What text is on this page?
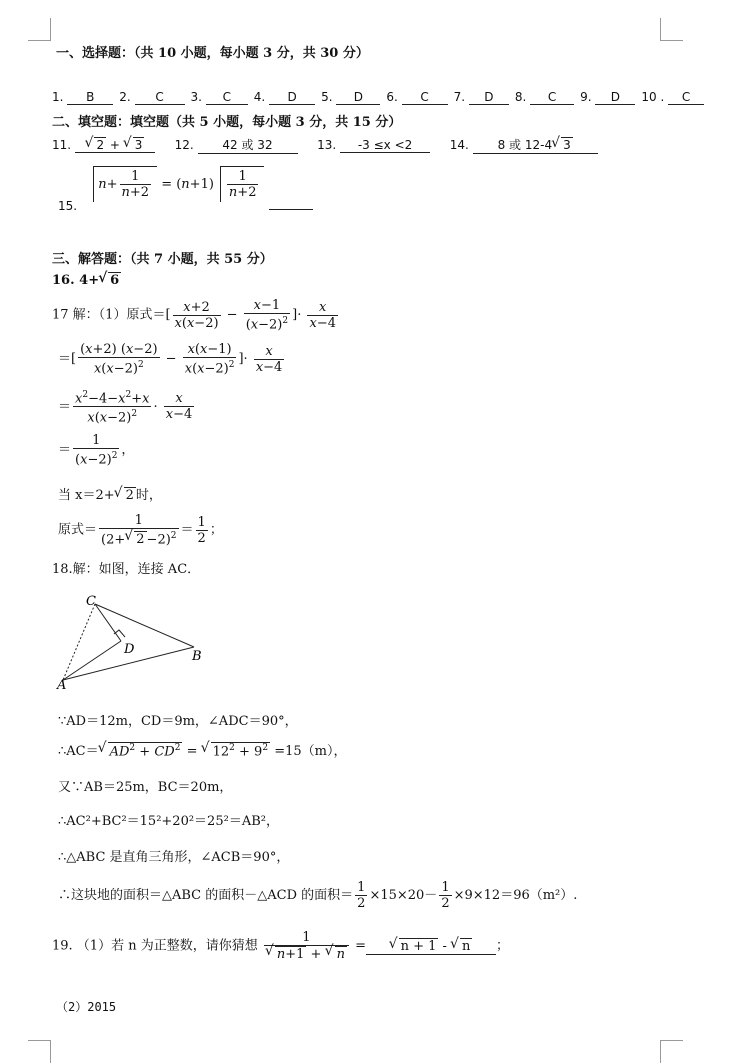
一、选择题：（共 10 小题，每小题 3 分，共 30 分）
1. B 2. C 3. C 4. D 5. D 6. C 7. D 8. C 9. D 10 . C
二、填空题：填空题（共 5 小题，每小题 3 分，共 15 分）
11. √ 2 + √ 3	12. 42 或 32	13. -3 ≤x <2	14. 8 或 12-4 √ 3
15. $n+ \frac{1}{n+2} = (n+1) \frac{1}{n+2}$

三、解答题：（共 7 小题，共 55 分）
16. 4+ √ 6
17 解：（1）原式＝[ $\frac{x+2}{x(x-2)} - \frac{x-1}{(x-2)^2}$ ]· $\frac{x}{x-4}$
＝[ $\frac{(x+2) (x-2)}{x(x-2)^2} - \frac{x(x-1)}{x(x-2)^2}$ ]· $\frac{x}{x-4}$
＝ $\frac{x^2-4-x^2+x}{x(x-2)^2} \cdot \frac{x}{x-4}$
＝ $\frac{1}{(x-2)^2}$ ，
当 x＝2+ √ 2 时，
原式＝ $\frac{1}{(2+ √ 2 -2)^2} = \frac{1}{2}$ ；
18.解：如图，连接 AC．
C
D	B
A
∵AD＝12m，CD＝9m，∠ADC＝90°，
∴AC＝ √ $AD^2 + CD^2$ = √ $12^2 + 9^2 =15(m)$，
又∵AB＝25m，BC＝20m，
∴AC²+BC²＝15²+20²＝25²＝AB²，
∴△ABC 是直角三角形，∠ACB＝90°，
∴这块地的面积＝△ABC 的面积－△ACD 的面积＝ $\frac{1}{2} \times 15\times 20- \frac{1}{2} \times 9\times 12=96(m^2)$.
19. （1）若 n 为正整数，请你猜想 1
√ n+1 + √ n =	√ n + 1 - √ n ；
（2）2015
